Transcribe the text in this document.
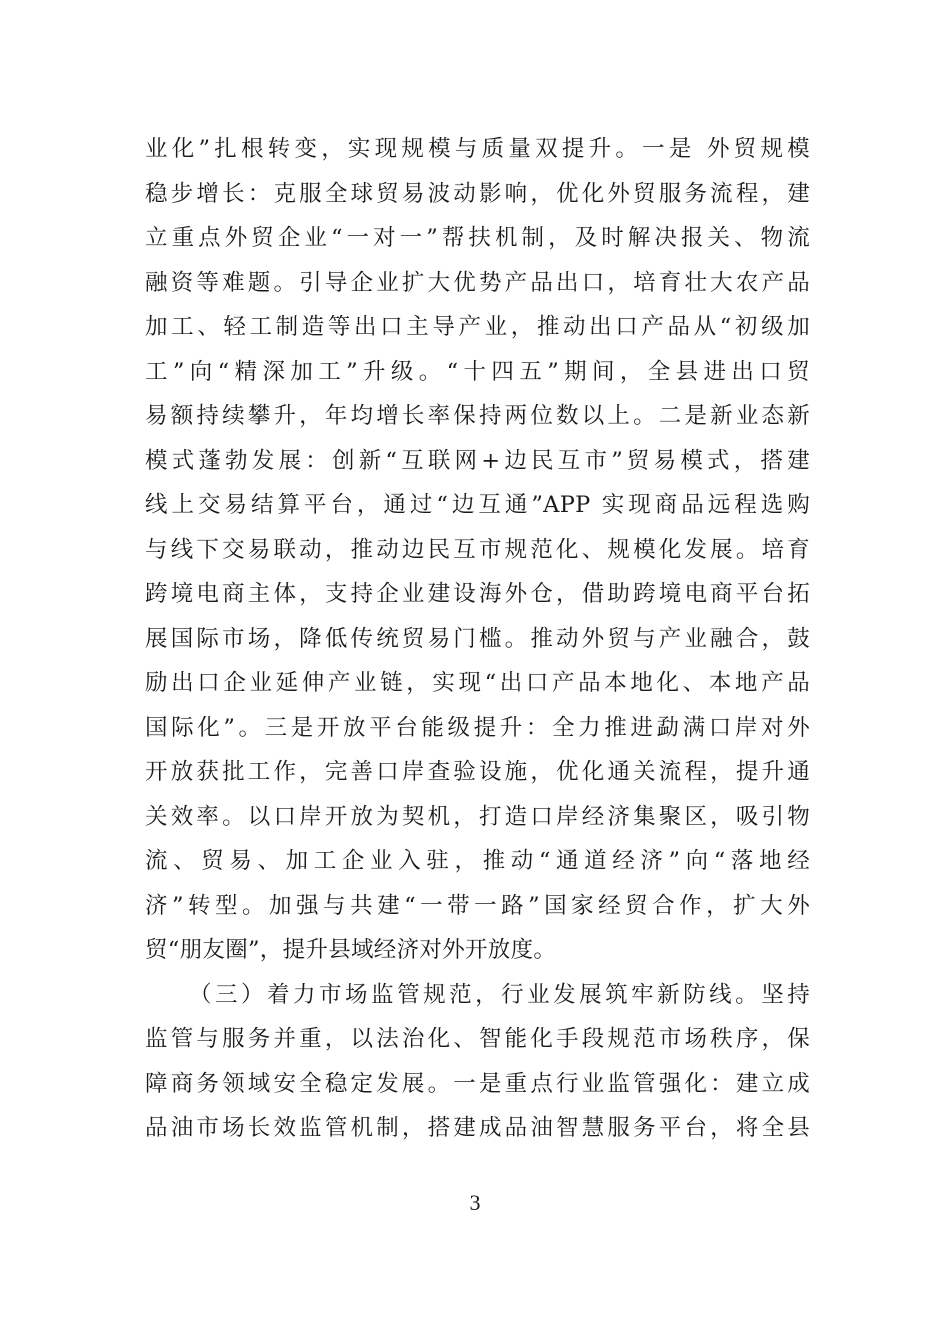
业化”扎根转变，实现规模与质量双提升。一是 外贸规模
稳步增长：克服全球贸易波动影响，优化外贸服务流程，建
立重点外贸企业“一对一”帮扶机制，及时解决报关、物流
融资等难题。引导企业扩大优势产品出口，培育壮大农产品
加工、轻工制造等出口主导产业，推动出口产品从“初级加
工”向“精深加工”升级。“十四五”期间，全县进出口贸
易额持续攀升，年均增长率保持两位数以上。二是新业态新
模式蓬勃发展：创新“互联网+边民互市”贸易模式，搭建
线上交易结算平台，通过“边互通”APP 实现商品远程选购
与线下交易联动，推动边民互市规范化、规模化发展。培育
跨境电商主体，支持企业建设海外仓，借助跨境电商平台拓
展国际市场，降低传统贸易门槛。推动外贸与产业融合，鼓
励出口企业延伸产业链，实现“出口产品本地化、本地产品
国际化”。三是开放平台能级提升：全力推进勐满口岸对外
开放获批工作，完善口岸查验设施，优化通关流程，提升通
关效率。以口岸开放为契机，打造口岸经济集聚区，吸引物
流、贸易、加工企业入驻，推动“通道经济”向“落地经
济”转型。加强与共建“一带一路”国家经贸合作，扩大外
贸“朋友圈”，提升县域经济对外开放度。
（三）着力市场监管规范，行业发展筑牢新防线。坚持
监管与服务并重，以法治化、智能化手段规范市场秩序，保
障商务领域安全稳定发展。一是重点行业监管强化：建立成
品油市场长效监管机制，搭建成品油智慧服务平台，将全县
3
